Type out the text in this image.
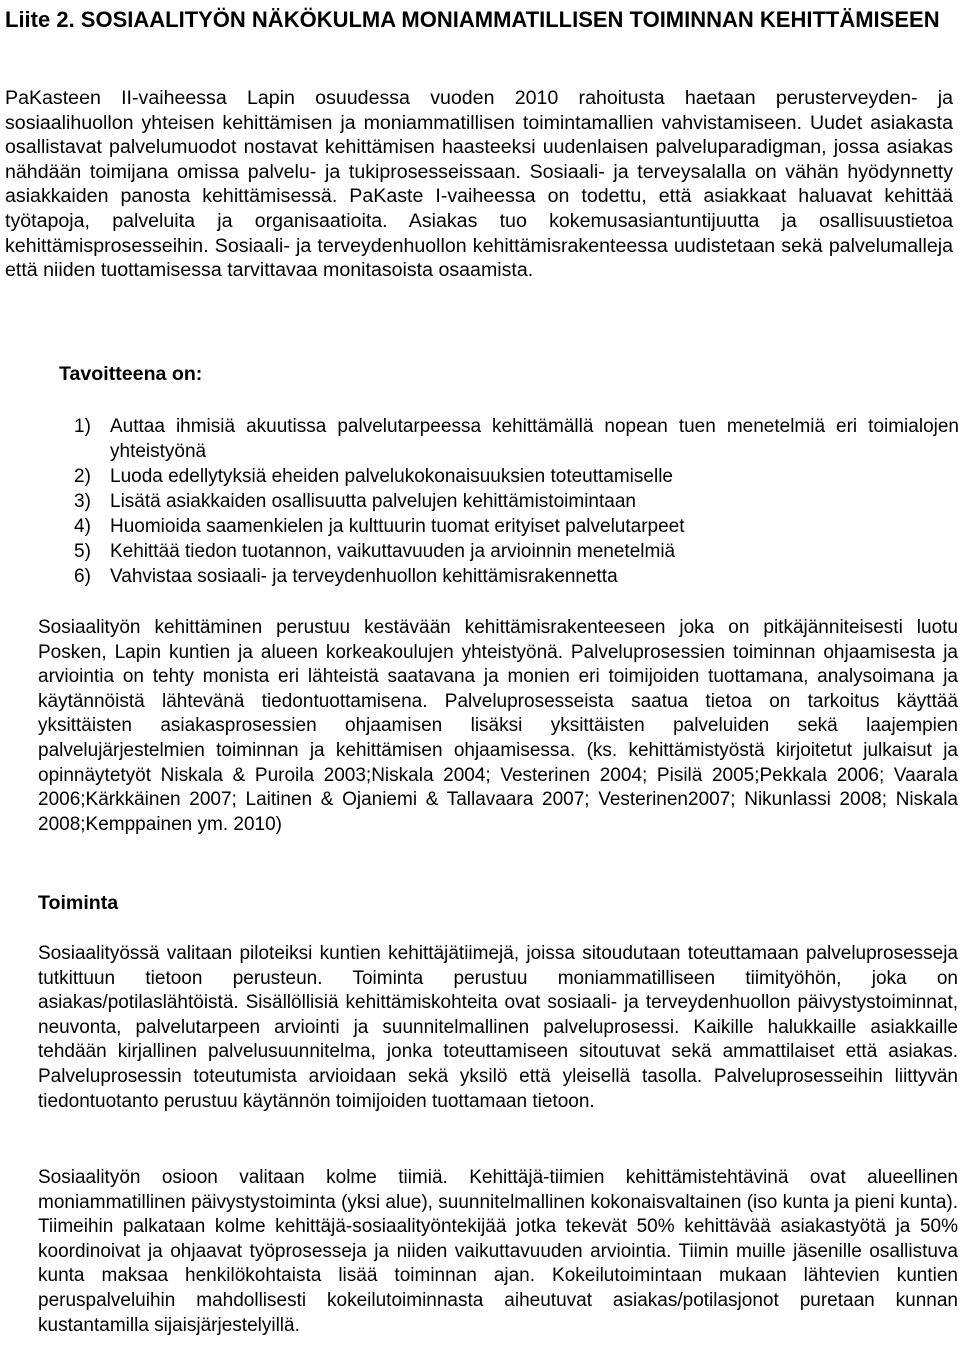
Liite 2. SOSIAALITYÖN NÄKÖKULMA MONIAMMATILLISEN TOIMINNAN KEHITTÄMISEEN

PaKasteen II-vaiheessa Lapin osuudessa vuoden 2010 rahoitusta haetaan perusterveyden- ja sosiaalihuollon yhteisen kehittämisen ja moniammatillisen toimintamallien vahvistamiseen. Uudet asiakasta osallistavat palvelumuodot nostavat kehittämisen haasteeksi uudenlaisen palveluparadigman, jossa asiakas nähdään toimijana omissa palvelu- ja tukiprosesseissaan. Sosiaali- ja terveysalalla on vähän hyödynnetty asiakkaiden panosta kehittämisessä. PaKaste I-vaiheessa on todettu, että asiakkaat haluavat kehittää työtapoja, palveluita ja organisaatioita. Asiakas tuo kokemusasiantuntijuutta ja osallisuustietoa kehittämisprosesseihin. Sosiaali- ja terveydenhuollon kehittämisrakenteessa uudistetaan sekä palvelumalleja että niiden tuottamisessa tarvittavaa monitasoista osaamista.

Tavoitteena on:
1)	Auttaa ihmisiä akuutissa palvelutarpeessa kehittämällä nopean tuen menetelmiä eri toimialojen yhteistyönä
2)	Luoda edellytyksiä eheiden palvelukokonaisuuksien toteuttamiselle
3)	Lisätä asiakkaiden osallisuutta palvelujen kehittämistoimintaan
4)	Huomioida saamenkielen ja kulttuurin tuomat erityiset palvelutarpeet
5)	Kehittää tiedon tuotannon, vaikuttavuuden ja arvioinnin menetelmiä
6)	Vahvistaa sosiaali- ja terveydenhuollon kehittämisrakennetta

Sosiaalityön kehittäminen perustuu kestävään kehittämisrakenteeseen joka on pitkäjänniteisesti luotu Posken, Lapin kuntien ja alueen korkeakoulujen yhteistyönä. Palveluprosessien toiminnan ohjaamisesta ja arviointia on tehty monista eri lähteistä saatavana ja monien eri toimijoiden tuottamana, analysoimana ja käytännöistä lähtevänä tiedontuottamisena. Palveluprosesseista saatua tietoa on tarkoitus käyttää yksittäisten asiakasprosessien ohjaamisen lisäksi yksittäisten palveluiden sekä laajempien palvelujärjestelmien toiminnan ja kehittämisen ohjaamisessa. (ks. kehittämistyöstä kirjoitetut julkaisut ja opinnäytetyöt Niskala & Puroila 2003;Niskala 2004; Vesterinen 2004; Pisilä 2005;Pekkala 2006; Vaarala 2006;Kärkkäinen 2007; Laitinen & Ojaniemi & Tallavaara 2007; Vesterinen2007; Nikunlassi 2008; Niskala 2008;Kemppainen ym. 2010)

Toiminta

Sosiaalityössä valitaan piloteiksi kuntien kehittäjätiimejä, joissa sitoudutaan toteuttamaan palveluprosesseja tutkittuun tietoon perusteun. Toiminta perustuu moniammatilliseen tiimityöhön, joka on asiakas/potilaslähtöistä. Sisällöllisiä kehittämiskohteita ovat sosiaali- ja terveydenhuollon päivystystoiminnat, neuvonta, palvelutarpeen arviointi ja suunnitelmallinen palveluprosessi. Kaikille halukkaille asiakkaille tehdään kirjallinen palvelusuunnitelma, jonka toteuttamiseen sitoutuvat sekä ammattilaiset että asiakas. Palveluprosessin toteutumista arvioidaan sekä yksilö että yleisellä tasolla. Palveluprosesseihin liittyvän tiedontuotanto perustuu käytännön toimijoiden tuottamaan tietoon.

Sosiaalityön osioon valitaan kolme tiimiä. Kehittäjä-tiimien kehittämistehtävinä ovat alueellinen moniammatillinen päivystystoiminta (yksi alue), suunnitelmallinen kokonaisvaltainen (iso kunta ja pieni kunta). Tiimeihin palkataan kolme kehittäjä-sosiaalityöntekijää jotka tekevät 50% kehittävää asiakastyötä ja 50% koordinoivat ja ohjaavat työprosesseja ja niiden vaikuttavuuden arviointia. Tiimin muille jäsenille osallistuva kunta maksaa henkilökohtaista lisää toiminnan ajan. Kokeilutoimintaan mukaan lähtevien kuntien peruspalveluihin mahdollisesti kokeilutoiminnasta aiheutuvat asiakas/potilasjonot puretaan kunnan kustantamilla sijaisjärjestelyillä.
